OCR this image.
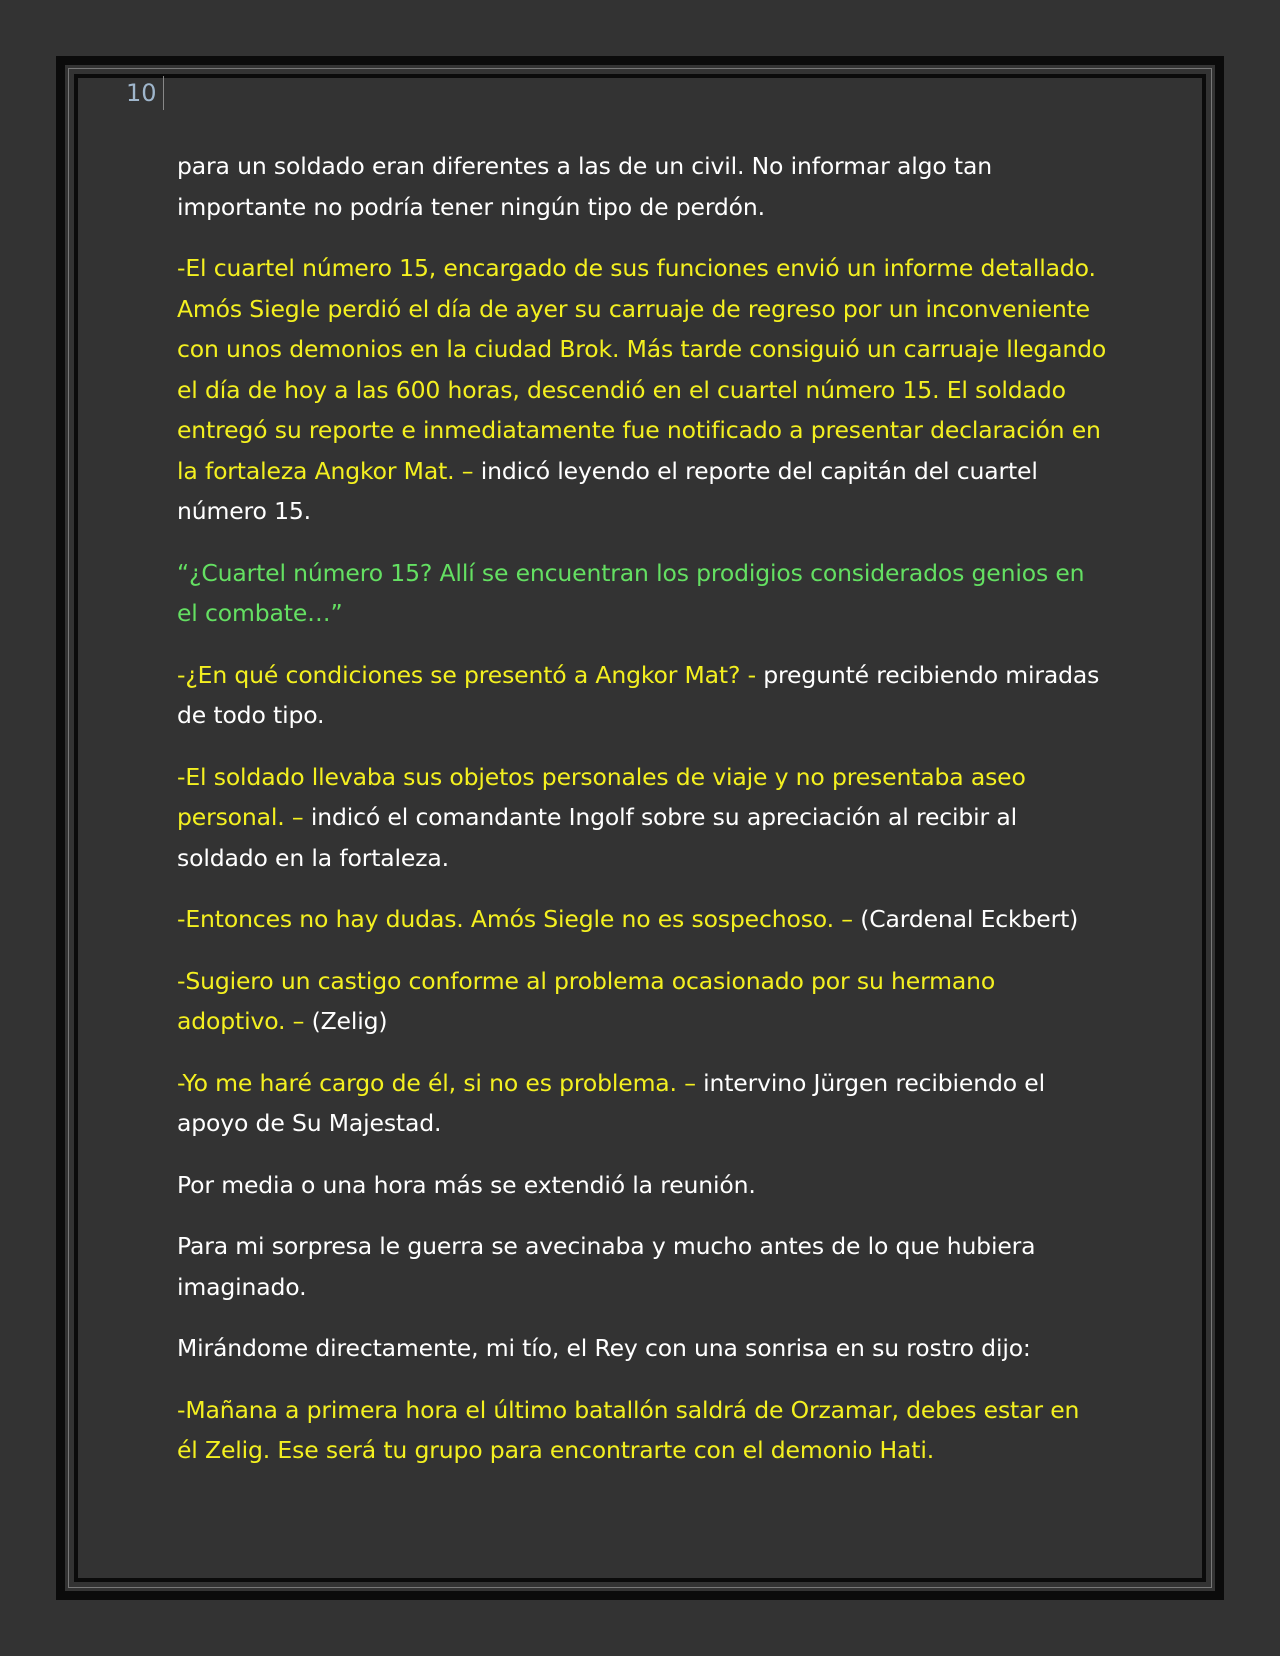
10

para un soldado eran diferentes a las de un civil. No informar algo tan importante no podría tener ningún tipo de perdón.

-El cuartel número 15, encargado de sus funciones envió un informe detallado. Amós Siegle perdió el día de ayer su carruaje de regreso por un inconveniente con unos demonios en la ciudad Brok. Más tarde consiguió un carruaje llegando el día de hoy a las 600 horas, descendió en el cuartel número 15. El soldado entregó su reporte e inmediatamente fue notificado a presentar declaración en la fortaleza Angkor Mat. – indicó leyendo el reporte del capitán del cuartel número 15.

“¿Cuartel número 15? Allí se encuentran los prodigios considerados genios en el combate…”

-¿En qué condiciones se presentó a Angkor Mat? - pregunté recibiendo miradas de todo tipo.

-El soldado llevaba sus objetos personales de viaje y no presentaba aseo personal. – indicó el comandante Ingolf sobre su apreciación al recibir al soldado en la fortaleza.

-Entonces no hay dudas. Amós Siegle no es sospechoso. – (Cardenal Eckbert)

-Sugiero un castigo conforme al problema ocasionado por su hermano adoptivo. – (Zelig)

-Yo me haré cargo de él, si no es problema. – intervino Jürgen recibiendo el apoyo de Su Majestad.

Por media o una hora más se extendió la reunión.

Para mi sorpresa le guerra se avecinaba y mucho antes de lo que hubiera imaginado.

Mirándome directamente, mi tío, el Rey con una sonrisa en su rostro dijo:

-Mañana a primera hora el último batallón saldrá de Orzamar, debes estar en él Zelig. Ese será tu grupo para encontrarte con el demonio Hati.
